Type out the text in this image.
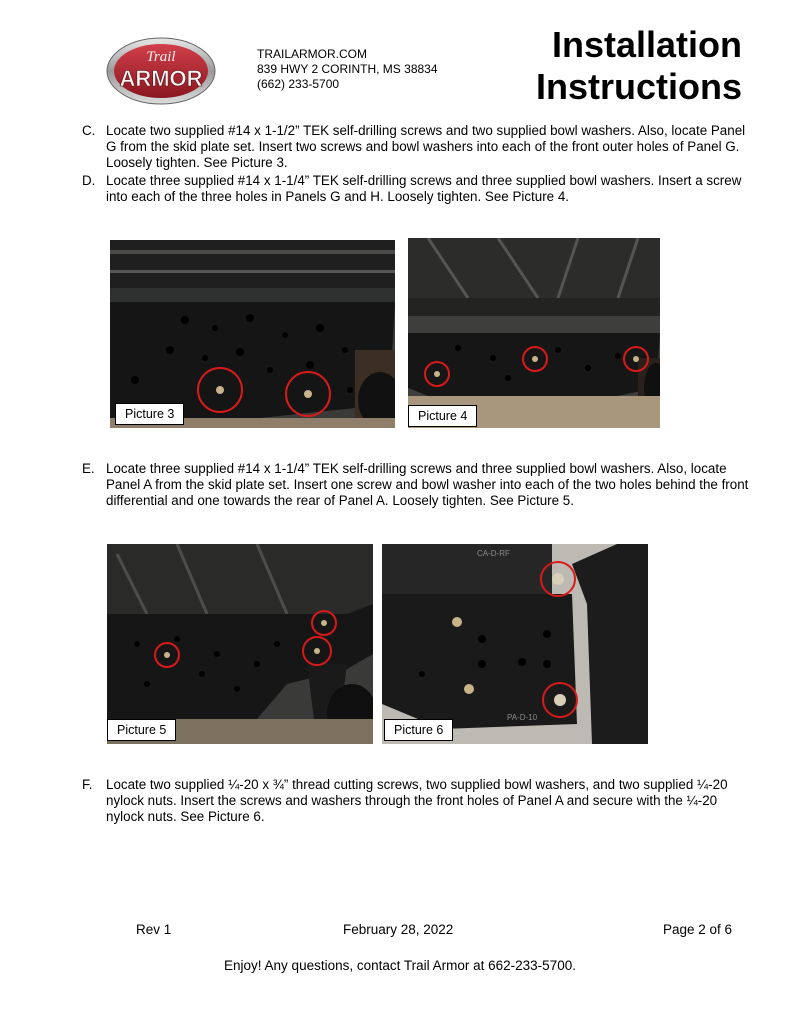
Trail
ARMOR
TRAILARMOR.COM
839 HWY 2 CORINTH, MS 38834
(662) 233-5700
Installation
Instructions
C. Locate two supplied #14 x 1-1/2” TEK self-drilling screws and two supplied bowl washers. Also, locate Panel G from the skid plate set. Insert two screws and bowl washers into each of the front outer holes of Panel G. Loosely tighten. See Picture 3.
D. Locate three supplied #14 x 1-1/4” TEK self-drilling screws and three supplied bowl washers. Insert a screw into each of the three holes in Panels G and H. Loosely tighten. See Picture 4.
Picture 3	Picture 4
E. Locate three supplied #14 x 1-1/4” TEK self-drilling screws and three supplied bowl washers. Also, locate Panel A from the skid plate set. Insert one screw and bowl washer into each of the two holes behind the front differential and one towards the rear of Panel A. Loosely tighten. See Picture 5.
Picture 5
CA-D-RF
PA-D-10
Picture 6
F. Locate two supplied ¼-20 x ¾” thread cutting screws, two supplied bowl washers, and two supplied ¼-20 nylock nuts. Insert the screws and washers through the front holes of Panel A and secure with the ¼-20 nylock nuts. See Picture 6.
Rev 1	February 28, 2022	Page 2 of 6
Enjoy! Any questions, contact Trail Armor at 662-233-5700.
